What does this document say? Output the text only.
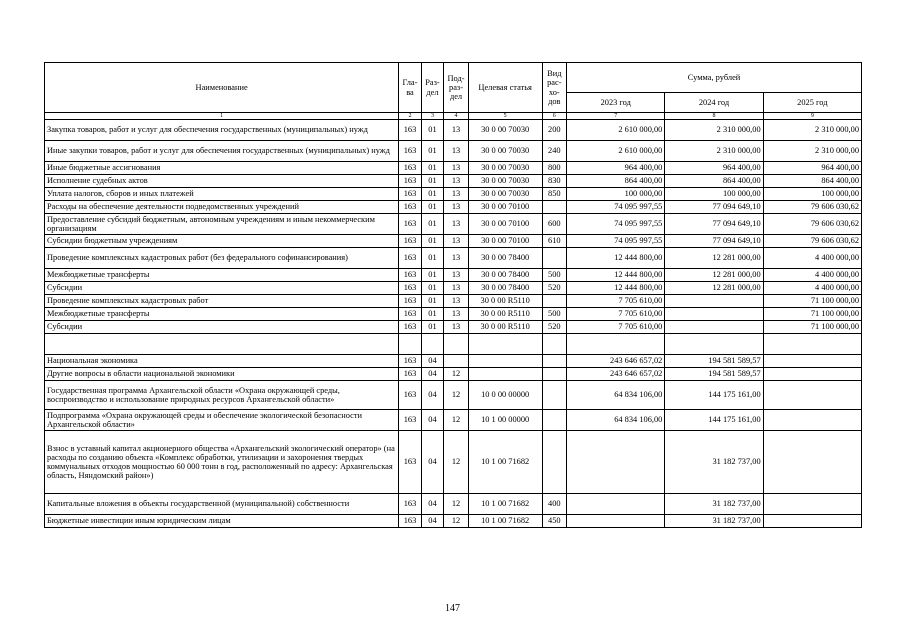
Наименование	Гла-ва	Раз-дел	Под-раз-дел	Целевая статья	Вид рас-хо-дов	Сумма, рублей		
						2023 год	2024 год	2025 год
1	2	3	4	5	6	7	8	9
Закупка товаров, работ и услуг для обеспечения государственных (муниципальных) нужд	163	01	13	30 0 00 70030	200	2 610 000,00	2 310 000,00	2 310 000,00
Иные закупки товаров, работ и услуг для обеспечения государственных (муниципальных) нужд	163	01	13	30 0 00 70030	240	2 610 000,00	2 310 000,00	2 310 000,00
Иные бюджетные ассигнования	163	01	13	30 0 00 70030	800	964 400,00	964 400,00	964 400,00
Исполнение судебных актов	163	01	13	30 0 00 70030	830	864 400,00	864 400,00	864 400,00
Уплата налогов, сборов и иных платежей	163	01	13	30 0 00 70030	850	100 000,00	100 000,00	100 000,00
Расходы на обеспечение деятельности подведомственных учреждений	163	01	13	30 0 00 70100		74 095 997,55	77 094 649,10	79 606 030,62
Предоставление субсидий бюджетным, автономным учреждениям и иным некоммерческим организациям	163	01	13	30 0 00 70100	600	74 095 997,55	77 094 649,10	79 606 030,62
Субсидии бюджетным учреждениям	163	01	13	30 0 00 70100	610	74 095 997,55	77 094 649,10	79 606 030,62
Проведение комплексных кадастровых работ (без федерального софинансирования)	163	01	13	30 0 00 78400		12 444 800,00	12 281 000,00	4 400 000,00
Межбюджетные трансферты	163	01	13	30 0 00 78400	500	12 444 800,00	12 281 000,00	4 400 000,00
Субсидии	163	01	13	30 0 00 78400	520	12 444 800,00	12 281 000,00	4 400 000,00
Проведение комплексных кадастровых работ	163	01	13	30 0 00 R5110		7 705 610,00		71 100 000,00
Межбюджетные трансферты	163	01	13	30 0 00 R5110	500	7 705 610,00		71 100 000,00
Субсидии	163	01	13	30 0 00 R5110	520	7 705 610,00		71 100 000,00

Национальная экономика	163	04				243 646 657,02	194 581 589,57	
Другие вопросы в области национальной экономики	163	04	12			243 646 657,02	194 581 589,57	
Государственная программа Архангельской области «Охрана окружающей среды, воспроизводство и использование природных ресурсов Архангельской области»	163	04	12	10 0 00 00000		64 834 106,00	144 175 161,00	
Подпрограмма «Охрана окружающей среды и обеспечение экологической безопасности Архангельской области»	163	04	12	10 1 00 00000		64 834 106,00	144 175 161,00	
Взнос в уставный капитал акционерного общества «Архангельский экологический оператор» (на расходы по созданию объекта «Комплекс обработки, утилизации и захоронения твердых коммунальных отходов мощностью 60 000 тонн в год, расположенный по адресу: Архангельская область, Няндомский район»)	163	04	12	10 1 00 71682			31 182 737,00	
Капитальные вложения в объекты государственной (муниципальной) собственности	163	04	12	10 1 00 71682	400		31 182 737,00	
Бюджетные инвестиции иным юридическим лицам	163	04	12	10 1 00 71682	450		31 182 737,00	
147
